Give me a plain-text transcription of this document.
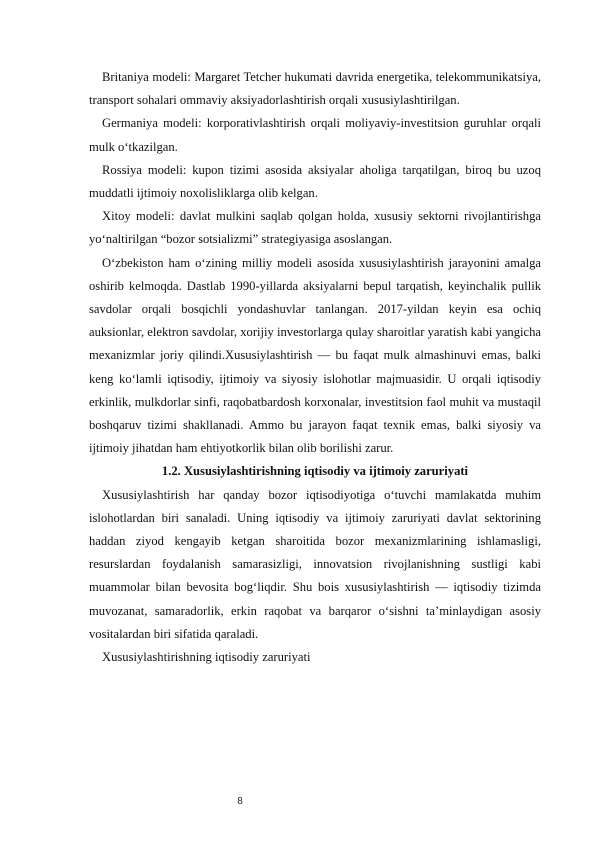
Britaniya modeli: Margaret Tetcher hukumati davrida energetika, telekommunikatsiya, transport sohalari ommaviy aksiyadorlashtirish orqali xususiylashtirilgan.

Germaniya modeli: korporativlashtirish orqali moliyaviy-investitsion guruhlar orqali mulk o‘tkazilgan.

Rossiya modeli: kupon tizimi asosida aksiyalar aholiga tarqatilgan, biroq bu uzoq muddatli ijtimoiy noxolisliklarga olib kelgan.

Xitoy modeli: davlat mulkini saqlab qolgan holda, xususiy sektorni rivojlantirishga yo‘naltirilgan “bozor sotsializmi” strategiyasiga asoslangan.

O‘zbekiston ham o‘zining milliy modeli asosida xususiylashtirish jarayonini amalga oshirib kelmoqda. Dastlab 1990-yillarda aksiyalarni bepul tarqatish, keyinchalik pullik savdolar orqali bosqichli yondashuvlar tanlangan. 2017-yildan keyin esa ochiq auksionlar, elektron savdolar, xorijiy investorlarga qulay sharoitlar yaratish kabi yangicha mexanizmlar joriy qilindi.Xususiylashtirish — bu faqat mulk almashinuvi emas, balki keng ko‘lamli iqtisodiy, ijtimoiy va siyosiy islohotlar majmuasidir. U orqali iqtisodiy erkinlik, mulkdorlar sinfi, raqobatbardosh korxonalar, investitsion faol muhit va mustaqil boshqaruv tizimi shakllanadi. Ammo bu jarayon faqat texnik emas, balki siyosiy va ijtimoiy jihatdan ham ehtiyotkorlik bilan olib borilishi zarur.

1.2. Xususiylashtirishning iqtisodiy va ijtimoiy zaruriyati

Xususiylashtirish har qanday bozor iqtisodiyotiga o‘tuvchi mamlakatda muhim islohotlardan biri sanaladi. Uning iqtisodiy va ijtimoiy zaruriyati davlat sektorining haddan ziyod kengayib ketgan sharoitida bozor mexanizmlarining ishlamasligi, resurslardan foydalanish samarasizligi, innovatsion rivojlanishning sustligi kabi muammolar bilan bevosita bog‘liqdir. Shu bois xususiylashtirish — iqtisodiy tizimda muvozanat, samaradorlik, erkin raqobat va barqaror o‘sishni ta’minlaydigan asosiy vositalardan biri sifatida qaraladi.

Xususiylashtirishning iqtisodiy zaruriyati

8
